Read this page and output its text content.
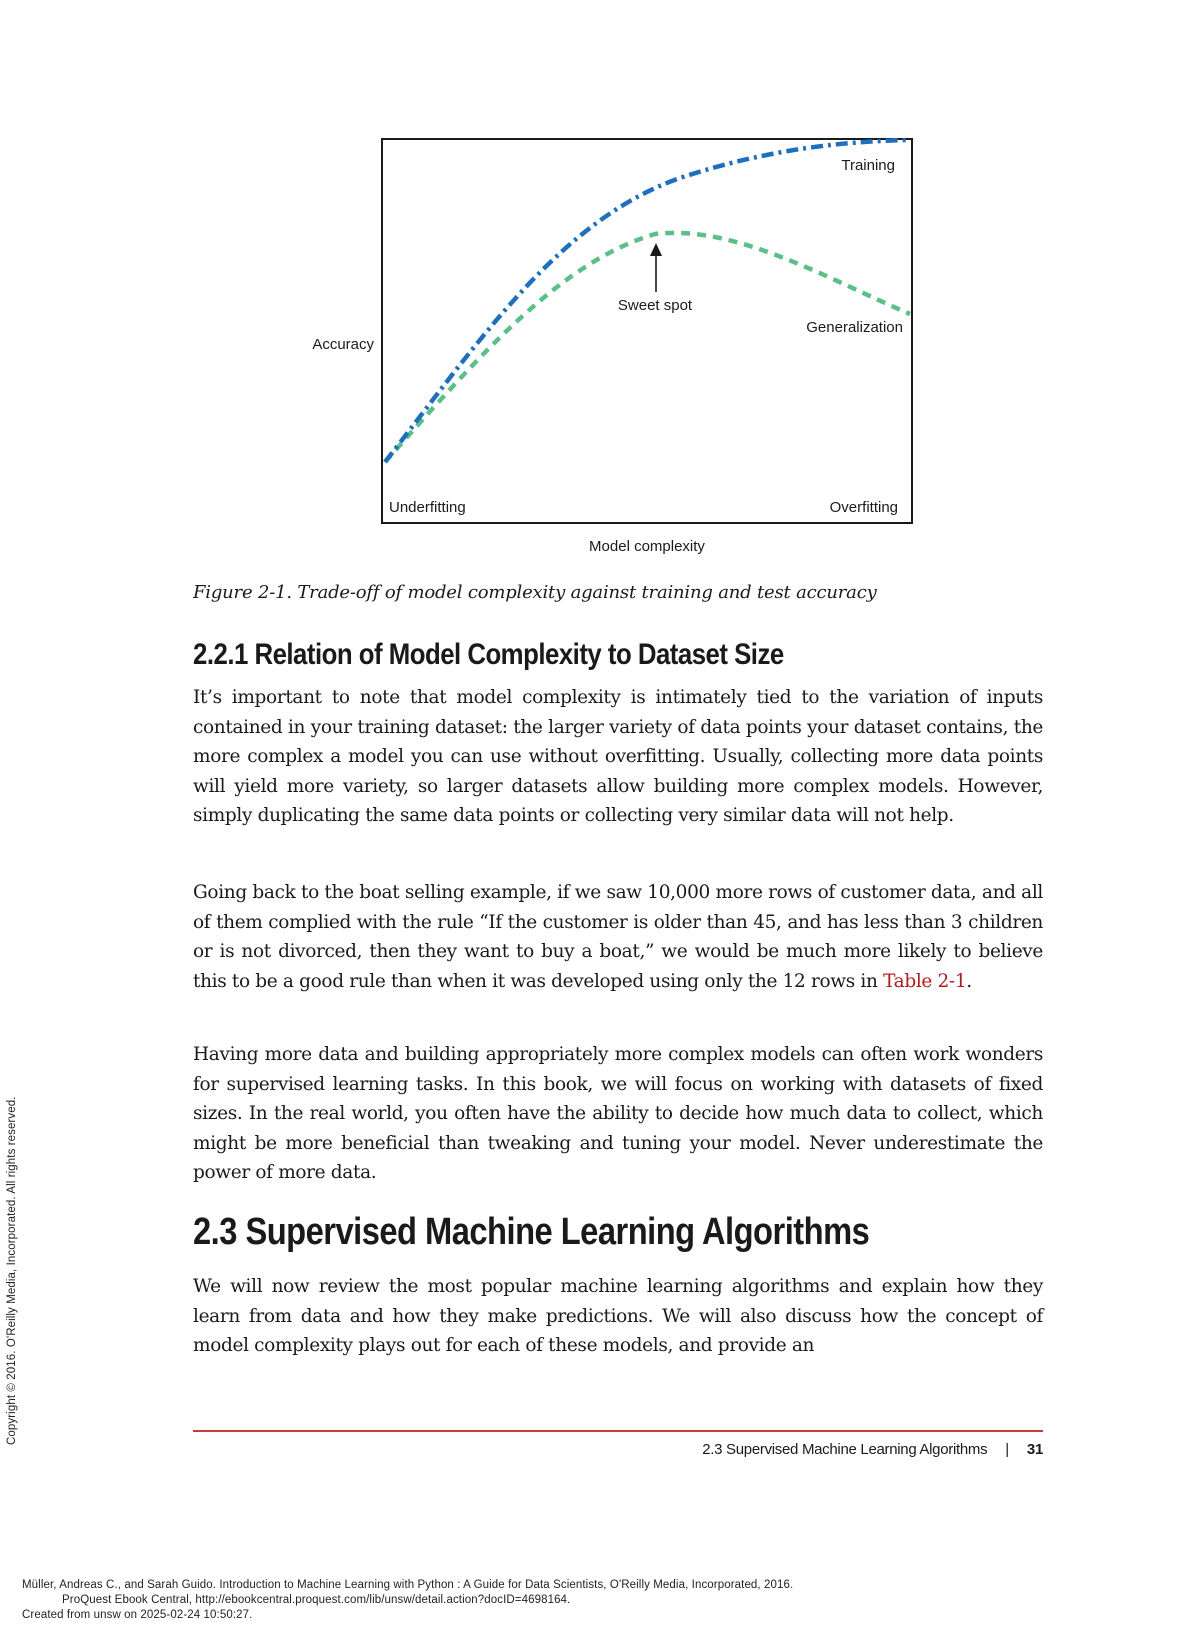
Training
Sweet spot
Generalization
Accuracy
Underfitting	Overfitting
Model complexity

Figure 2-1. Trade-off of model complexity against training and test accuracy

2.2.1 Relation of Model Complexity to Dataset Size

It’s important to note that model complexity is intimately tied to the variation of inputs contained in your training dataset: the larger variety of data points your dataset contains, the more complex a model you can use without overfitting. Usually, collecting more data points will yield more variety, so larger datasets allow building more complex models. However, simply duplicating the same data points or collecting very similar data will not help.

Going back to the boat selling example, if we saw 10,000 more rows of customer data, and all of them complied with the rule “If the customer is older than 45, and has less than 3 children or is not divorced, then they want to buy a boat,” we would be much more likely to believe this to be a good rule than when it was developed using only the 12 rows in Table 2-1.

Having more data and building appropriately more complex models can often work wonders for supervised learning tasks. In this book, we will focus on working with datasets of fixed sizes. In the real world, you often have the ability to decide how much data to collect, which might be more beneficial than tweaking and tuning your model. Never underestimate the power of more data.

2.3 Supervised Machine Learning Algorithms

We will now review the most popular machine learning algorithms and explain how they learn from data and how they make predictions. We will also discuss how the concept of model complexity plays out for each of these models, and provide an

2.3 Supervised Machine Learning Algorithms | 31
Copyright © 2016. O'Reilly Media, Incorporated. All rights reserved.
Müller, Andreas C., and Sarah Guido. Introduction to Machine Learning with Python : A Guide for Data Scientists, O'Reilly Media, Incorporated, 2016.
ProQuest Ebook Central, http://ebookcentral.proquest.com/lib/unsw/detail.action?docID=4698164.
Created from unsw on 2025-02-24 10:50:27.
